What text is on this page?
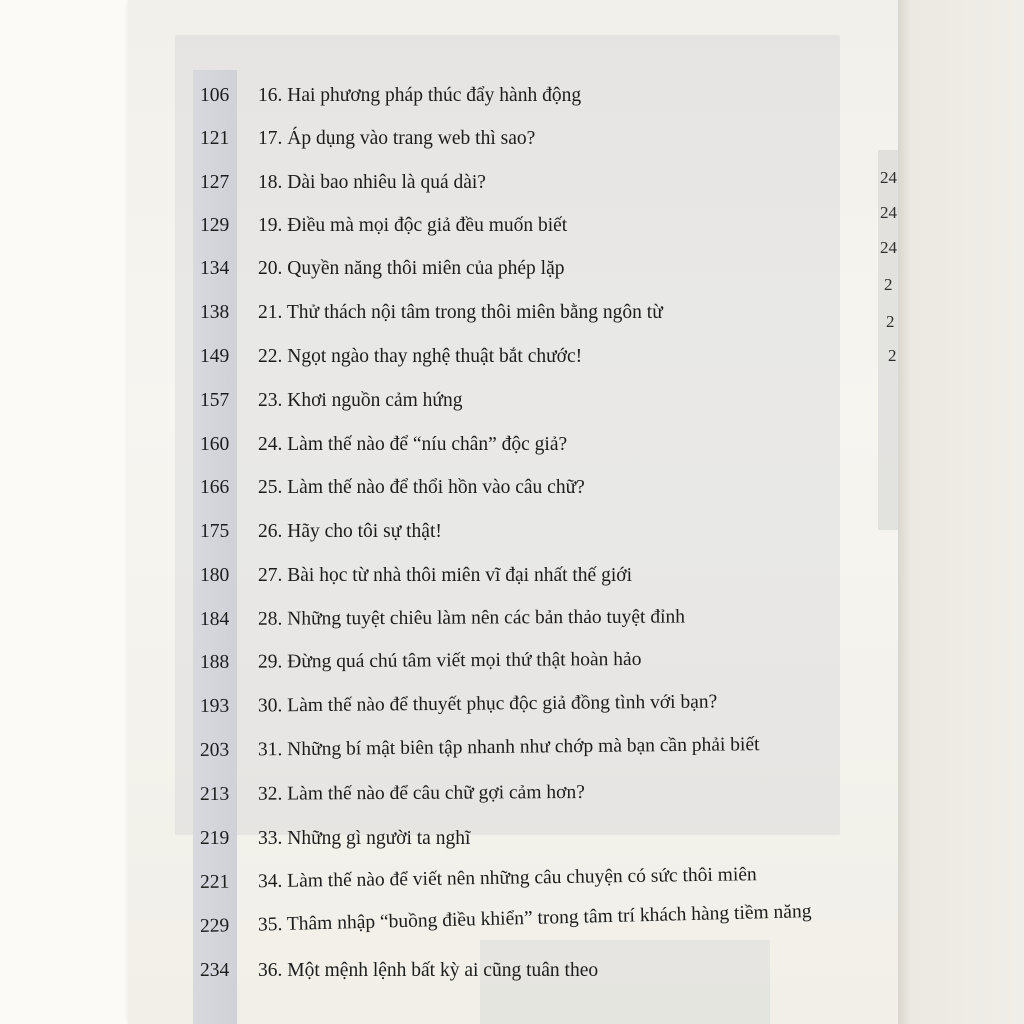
24
24
24
2
2
2
106 16. Hai phương pháp thúc đẩy hành động
121 17. Áp dụng vào trang web thì sao?
127 18. Dài bao nhiêu là quá dài?
129 19. Điều mà mọi độc giả đều muốn biết
134 20. Quyền năng thôi miên của phép lặp
138 21. Thử thách nội tâm trong thôi miên bằng ngôn từ
149 22. Ngọt ngào thay nghệ thuật bắt chước!
157 23. Khơi nguồn cảm hứng
160 24. Làm thế nào để “níu chân” độc giả?
166 25. Làm thế nào để thổi hồn vào câu chữ?
175 26. Hãy cho tôi sự thật!
180 27. Bài học từ nhà thôi miên vĩ đại nhất thế giới
184 28. Những tuyệt chiêu làm nên các bản thảo tuyệt đỉnh
188 29. Đừng quá chú tâm viết mọi thứ thật hoàn hảo
193 30. Làm thế nào để thuyết phục độc giả đồng tình với bạn?
203 31. Những bí mật biên tập nhanh như chớp mà bạn cần phải biết
213 32. Làm thế nào để câu chữ gợi cảm hơn?
219 33. Những gì người ta nghĩ
221 34. Làm thế nào để viết nên những câu chuyện có sức thôi miên
229 35. Thâm nhập “buồng điều khiển” trong tâm trí khách hàng tiềm năng
234 36. Một mệnh lệnh bất kỳ ai cũng tuân theo
